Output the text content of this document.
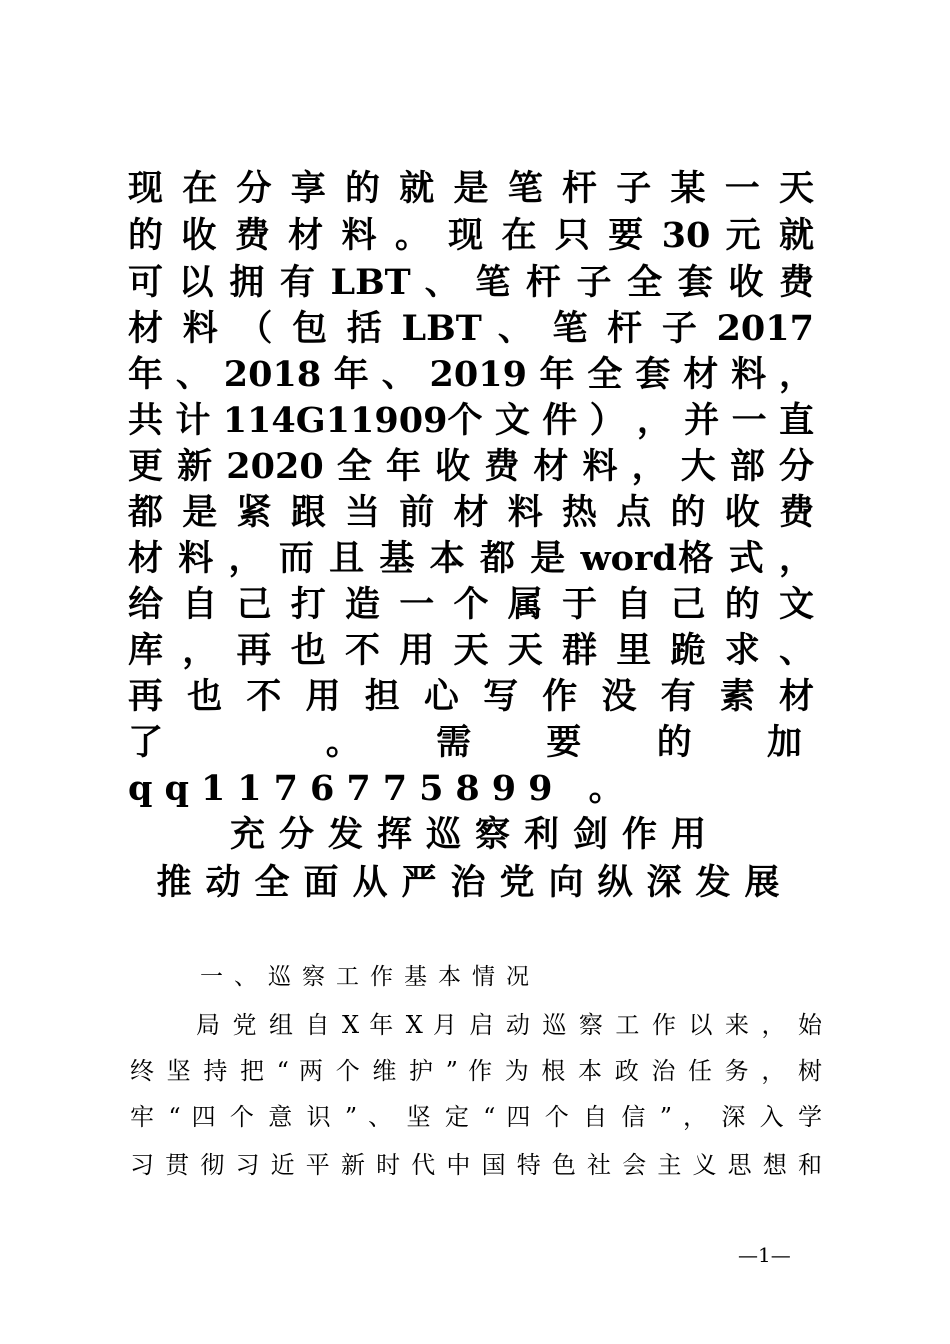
现 在 分 享 的 就 是 笔 杆 子 某 一 天
的 收 费 材 料 。 现 在 只 要 30 元 就
可 以 拥 有 LBT 、 笔 杆 子 全 套 收 费
材 料 （ 包 括 LBT 、 笔 杆 子 2017
年 、 2018 年 、 2019 年 全 套 材 料 ，
共 计 114G11909个 文 件 ） ， 并 一 直
更 新 2020 全 年 收 费 材 料 ， 大 部 分
都 是 紧 跟 当 前 材 料 热 点 的 收 费
材 料 ， 而 且 基 本 都 是 word格 式 ，
给 自 己 打 造 一 个 属 于 自 己 的 文
库 ， 再 也 不 用 天 天 群 里 跪 求 、
再 也 不 用 担 心 写 作 没 有 素 材
了 。需要的加 qq1176775899 。
充分发挥巡察利剑作用
推动全面从严治党向纵深发展
一、巡察工作基本情况
局 党 组 自 X 年 X 月 启 动 巡 察 工 作 以 来 ， 始
终 坚 持 把 “ 两 个 维 护 ” 作 为 根 本 政 治 任 务 ， 树
牢 “ 四 个 意 识 ” 、 坚 定 “ 四 个 自 信 ” ， 深 入 学
习 贯 彻 习 近 平 新 时 代 中 国 特 色 社 会 主 义 思 想 和
—1—
